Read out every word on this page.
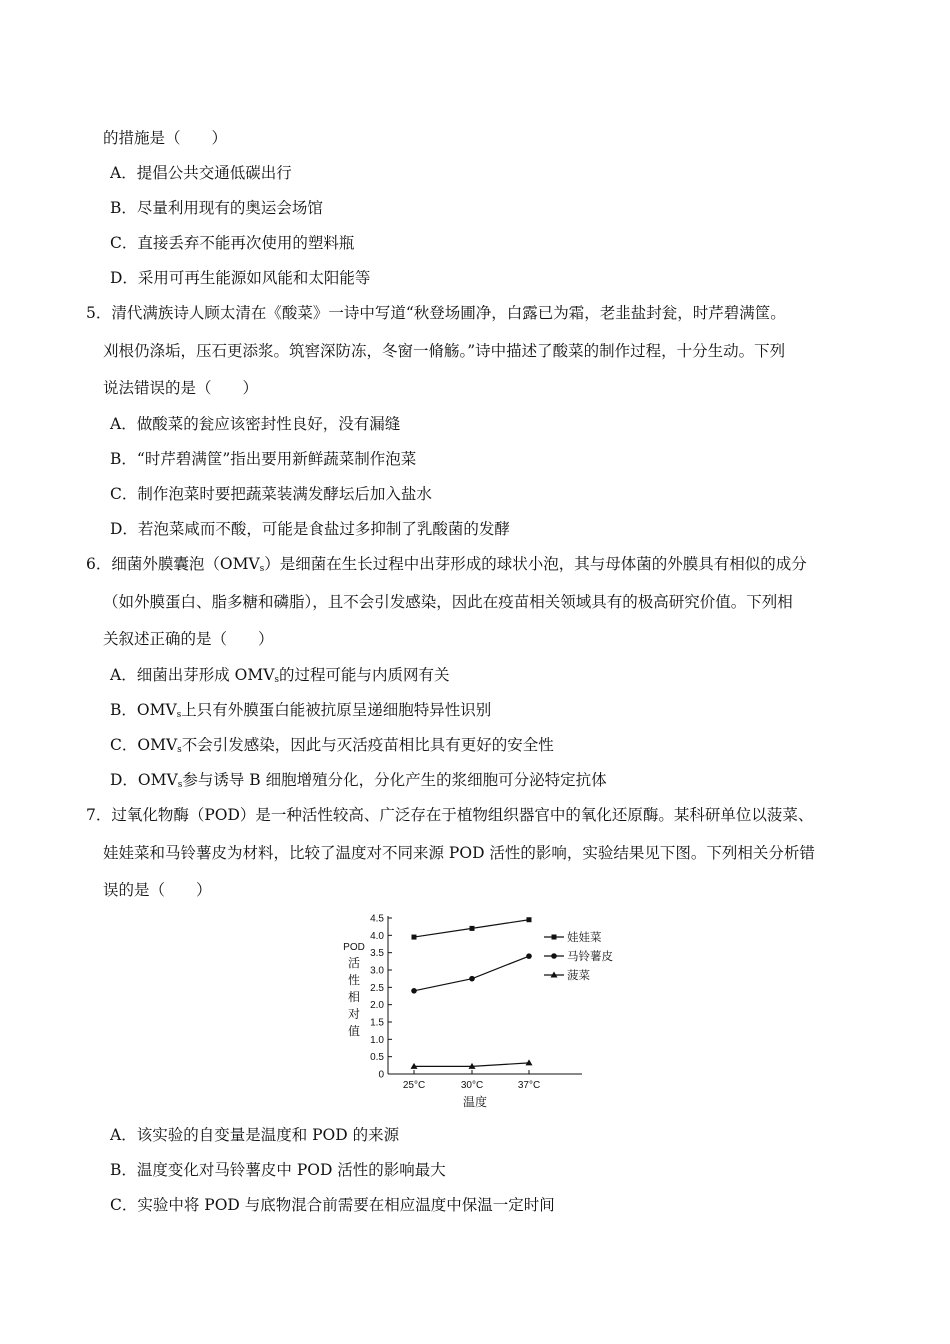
的措施是（　　）
A．提倡公共交通低碳出行
B．尽量利用现有的奥运会场馆
C．直接丢弃不能再次使用的塑料瓶
D．采用可再生能源如风能和太阳能等
5．清代满族诗人顾太清在《酸菜》一诗中写道“秋登场圃净，白露已为霜，老韭盐封瓮，时芹碧满筐。
刈根仍涤垢，压石更添浆。筑窖深防冻，冬窗一脩觞。”诗中描述了酸菜的制作过程，十分生动。下列
说法错误的是（　　）
A．做酸菜的瓮应该密封性良好，没有漏缝
B．“时芹碧满筐”指出要用新鲜蔬菜制作泡菜
C．制作泡菜时要把蔬菜装满发酵坛后加入盐水
D．若泡菜咸而不酸，可能是食盐过多抑制了乳酸菌的发酵
6．细菌外膜囊泡$(OMV_s)$是细菌在生长过程中出芽形成的球状小泡，其与母体菌的外膜具有相似的成分
（如外膜蛋白、脂多糖和磷脂），且不会引发感染，因此在疫苗相关领域具有的极高研究价值。下列相
关叙述正确的是（　　）
A．细菌出芽形成 $OMV_s$的过程可能与内质网有关
B．$OMV_s$上只有外膜蛋白能被抗原呈递细胞特异性识别
C．$OMV_s$不会引发感染，因此与灭活疫苗相比具有更好的安全性
D．$OMV_s$参与诱导 B 细胞增殖分化，分化产生的浆细胞可分泌特定抗体
7．过氧化物酶（POD）是一种活性较高、广泛存在于植物组织器官中的氧化还原酶。某科研单位以菠菜、
娃娃菜和马铃薯皮为材料，比较了温度对不同来源 POD 活性的影响，实验结果见下图。下列相关分析错
误的是（　　）
4.5
4.0
3.5
3.0
2.5
2.0
1.5
1.0
0.5
0
25°C	30°C	37°C
温度
POD
活
性
相
对
值
娃娃菜
马铃薯皮
菠菜
A．该实验的自变量是温度和 POD 的来源
B．温度变化对马铃薯皮中 POD 活性的影响最大
C．实验中将 POD 与底物混合前需要在相应温度中保温一定时间
